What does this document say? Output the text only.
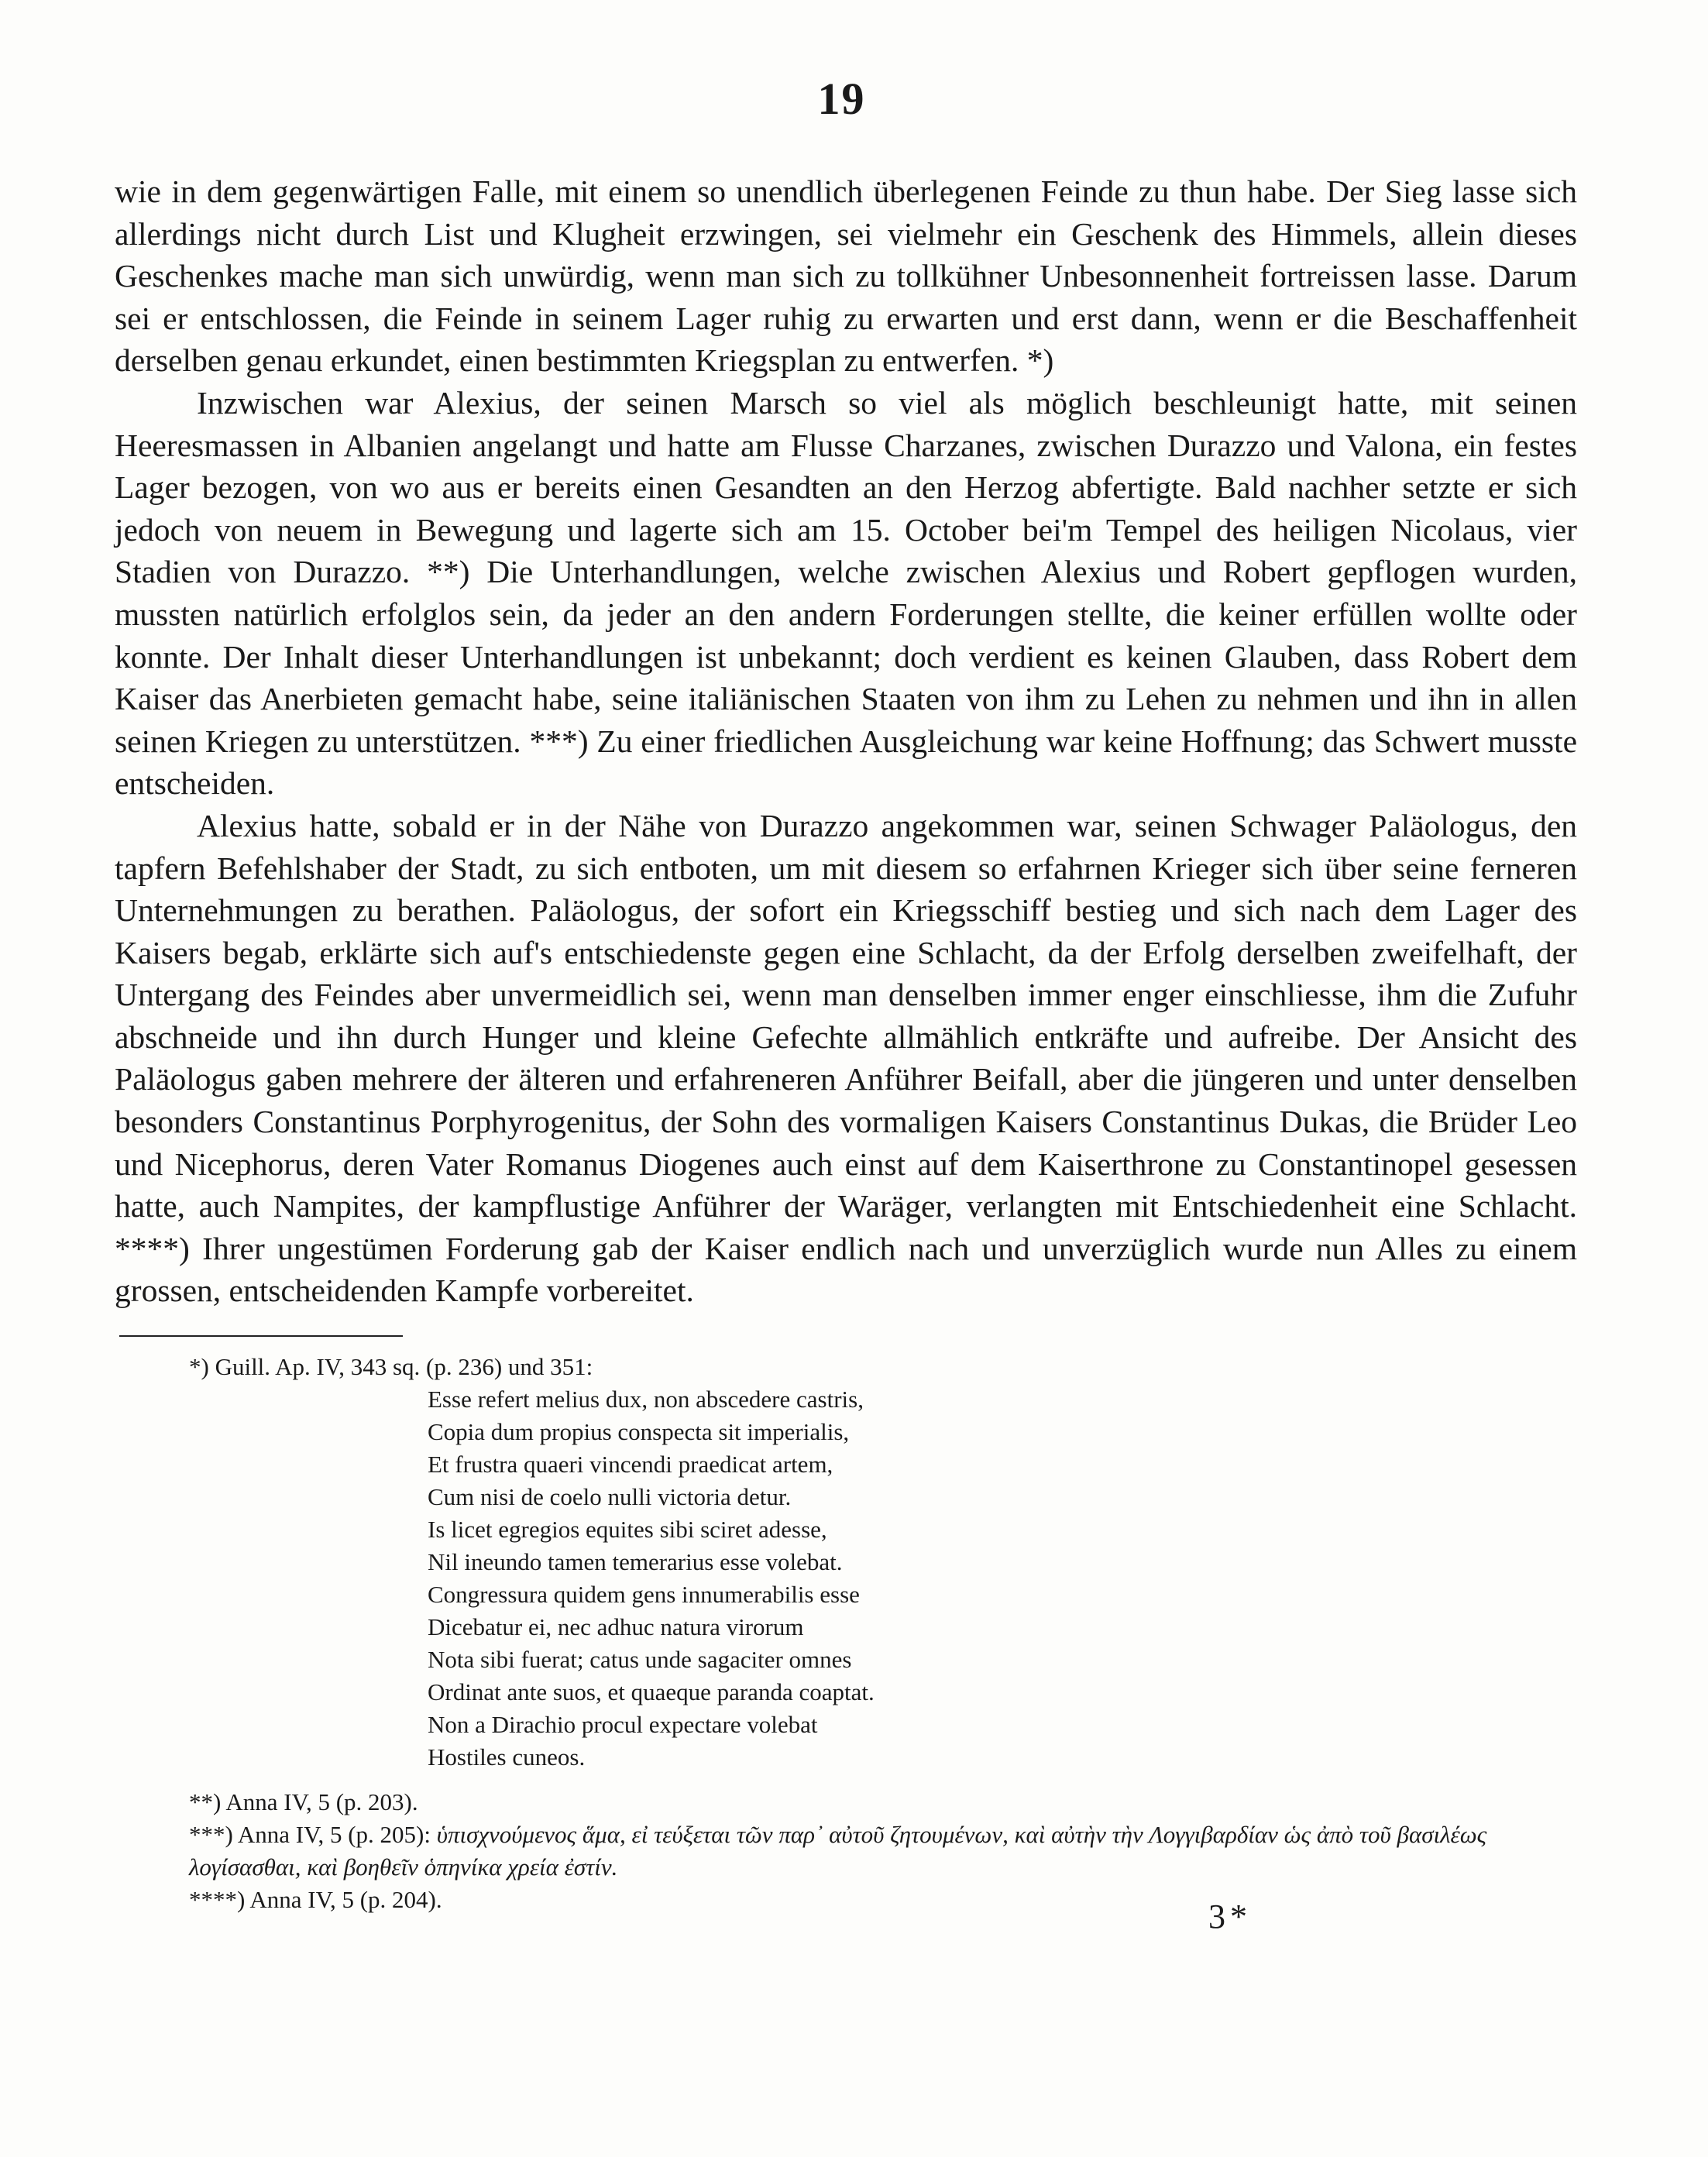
19

wie in dem gegenwärtigen Falle, mit einem so unendlich überlegenen Feinde zu thun habe. Der Sieg lasse sich allerdings nicht durch List und Klugheit erzwingen, sei vielmehr ein Geschenk des Himmels, allein dieses Geschenkes mache man sich unwürdig, wenn man sich zu tollkühner Unbesonnenheit fortreissen lasse. Darum sei er entschlossen, die Feinde in seinem Lager ruhig zu erwarten und erst dann, wenn er die Beschaffenheit derselben genau erkundet, einen bestimmten Kriegsplan zu entwerfen. *)

Inzwischen war Alexius, der seinen Marsch so viel als möglich beschleunigt hatte, mit seinen Heeresmassen in Albanien angelangt und hatte am Flusse Charzanes, zwischen Durazzo und Valona, ein festes Lager bezogen, von wo aus er bereits einen Gesandten an den Herzog abfertigte. Bald nachher setzte er sich jedoch von neuem in Bewegung und lagerte sich am 15. October bei'm Tempel des heiligen Nicolaus, vier Stadien von Durazzo. **) Die Unterhandlungen, welche zwischen Alexius und Robert gepflogen wurden, mussten natürlich erfolglos sein, da jeder an den andern Forderungen stellte, die keiner erfüllen wollte oder konnte. Der Inhalt dieser Unterhandlungen ist unbekannt; doch verdient es keinen Glauben, dass Robert dem Kaiser das Anerbieten gemacht habe, seine italiänischen Staaten von ihm zu Lehen zu nehmen und ihn in allen seinen Kriegen zu unterstützen. ***) Zu einer friedlichen Ausgleichung war keine Hoffnung; das Schwert musste entscheiden.

Alexius hatte, sobald er in der Nähe von Durazzo angekommen war, seinen Schwager Paläologus, den tapfern Befehlshaber der Stadt, zu sich entboten, um mit diesem so erfahrnen Krieger sich über seine ferneren Unternehmungen zu berathen. Paläologus, der sofort ein Kriegsschiff bestieg und sich nach dem Lager des Kaisers begab, erklärte sich auf's entschiedenste gegen eine Schlacht, da der Erfolg derselben zweifelhaft, der Untergang des Feindes aber unvermeidlich sei, wenn man denselben immer enger einschliesse, ihm die Zufuhr abschneide und ihn durch Hunger und kleine Gefechte allmählich entkräfte und aufreibe. Der Ansicht des Paläologus gaben mehrere der älteren und erfahreneren Anführer Beifall, aber die jüngeren und unter denselben besonders Constantinus Porphyrogenitus, der Sohn des vormaligen Kaisers Constantinus Dukas, die Brüder Leo und Nicephorus, deren Vater Romanus Diogenes auch einst auf dem Kaiserthrone zu Constantinopel gesessen hatte, auch Nampites, der kampflustige Anführer der Waräger, verlangten mit Entschiedenheit eine Schlacht. ****) Ihrer ungestümen Forderung gab der Kaiser endlich nach und unverzüglich wurde nun Alles zu einem grossen, entscheidenden Kampfe vorbereitet.

*) Guill. Ap. IV, 343 sq. (p. 236) und 351:

Esse refert melius dux, non abscedere castris,
Copia dum propius conspecta sit imperialis,
Et frustra quaeri vincendi praedicat artem,
Cum nisi de coelo nulli victoria detur.
Is licet egregios equites sibi sciret adesse,
Nil ineundo tamen temerarius esse volebat.
Congressura quidem gens innumerabilis esse
Dicebatur ei, nec adhuc natura virorum
Nota sibi fuerat; catus unde sagaciter omnes
Ordinat ante suos, et quaeque paranda coaptat.
Non a Dirachio procul expectare volebat
Hostiles cuneos.

**) Anna IV, 5 (p. 203).

***) Anna IV, 5 (p. 205): ὑπισχνούμενος ἅμα, εἰ τεύξεται τῶν παρ᾽ αὐτοῦ ζητουμένων, καὶ αὐτὴν τὴν Λογγιβαρδίαν ὡς ἀπὸ τοῦ βασιλέως λογίσασθαι, καὶ βοηθεῖν ὁπηνίκα χρεία ἐστίν.

****) Anna IV, 5 (p. 204).	3*
